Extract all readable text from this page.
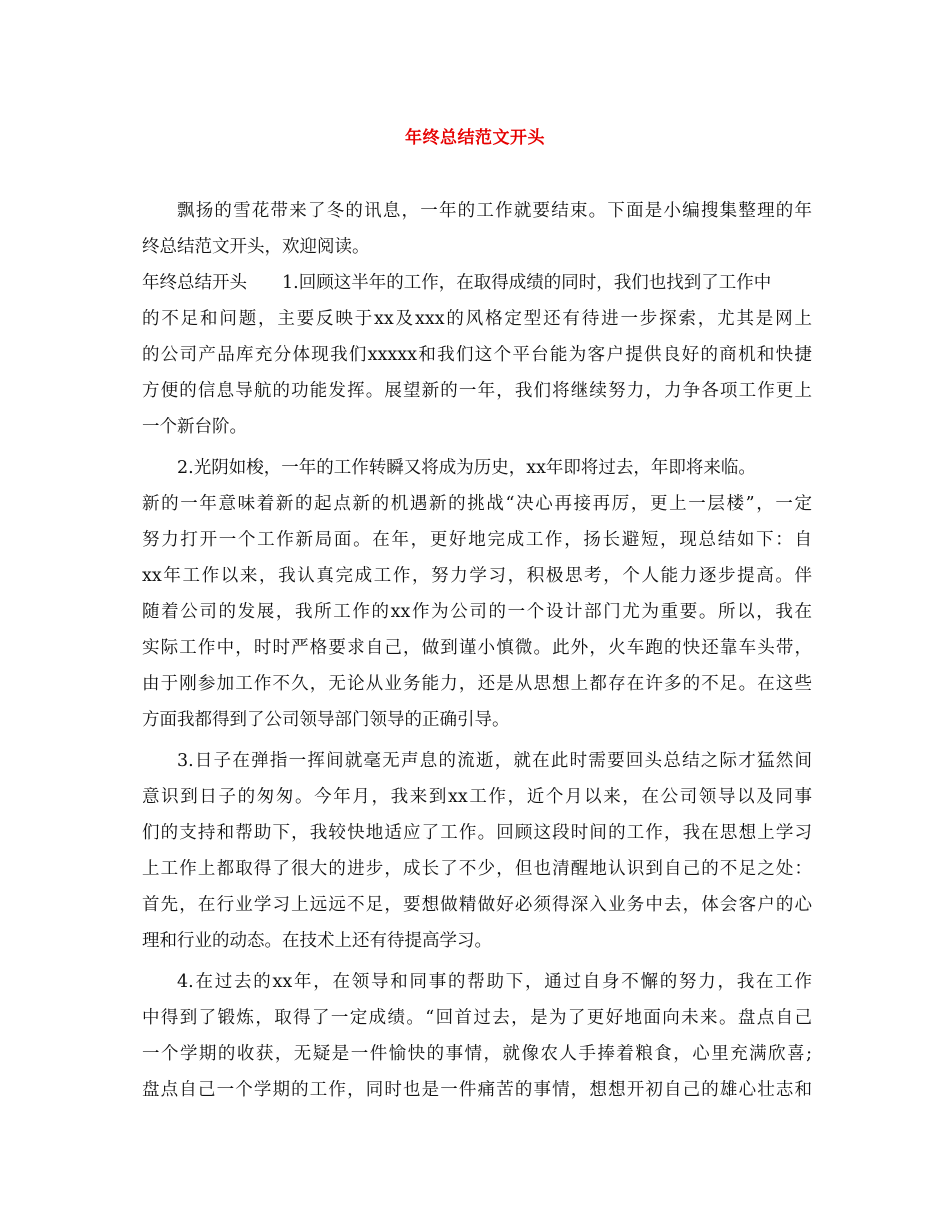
年终总结范文开头
飘扬的雪花带来了冬的讯息，一年的工作就要结束。下面是小编搜集整理的年
终总结范文开头，欢迎阅读。
年终总结开头　　1.回顾这半年的工作，在取得成绩的同时，我们也找到了工作中
的不足和问题，主要反映于xx及xxx的风格定型还有待进一步探索，尤其是网上
的公司产品库充分体现我们xxxxx和我们这个平台能为客户提供良好的商机和快捷
方便的信息导航的功能发挥。展望新的一年，我们将继续努力，力争各项工作更上
一个新台阶。
2.光阴如梭，一年的工作转瞬又将成为历史，xx年即将过去，年即将来临。
新的一年意味着新的起点新的机遇新的挑战“决心再接再厉，更上一层楼”，一定
努力打开一个工作新局面。在年，更好地完成工作，扬长避短，现总结如下：自
xx年工作以来，我认真完成工作，努力学习，积极思考，个人能力逐步提高。伴
随着公司的发展，我所工作的xx作为公司的一个设计部门尤为重要。所以，我在
实际工作中，时时严格要求自己，做到谨小慎微。此外，火车跑的快还靠车头带，
由于刚参加工作不久，无论从业务能力，还是从思想上都存在许多的不足。在这些
方面我都得到了公司领导部门领导的正确引导。
3.日子在弹指一挥间就毫无声息的流逝，就在此时需要回头总结之际才猛然间
意识到日子的匆匆。今年月，我来到xx工作，近个月以来，在公司领导以及同事
们的支持和帮助下，我较快地适应了工作。回顾这段时间的工作，我在思想上学习
上工作上都取得了很大的进步，成长了不少，但也清醒地认识到自己的不足之处：
首先，在行业学习上远远不足，要想做精做好必须得深入业务中去，体会客户的心
理和行业的动态。在技术上还有待提高学习。
4.在过去的xx年，在领导和同事的帮助下，通过自身不懈的努力，我在工作
中得到了锻炼，取得了一定成绩。“回首过去，是为了更好地面向未来。盘点自己
一个学期的收获，无疑是一件愉快的事情，就像农人手捧着粮食，心里充满欣喜;
盘点自己一个学期的工作，同时也是一件痛苦的事情，想想开初自己的雄心壮志和
